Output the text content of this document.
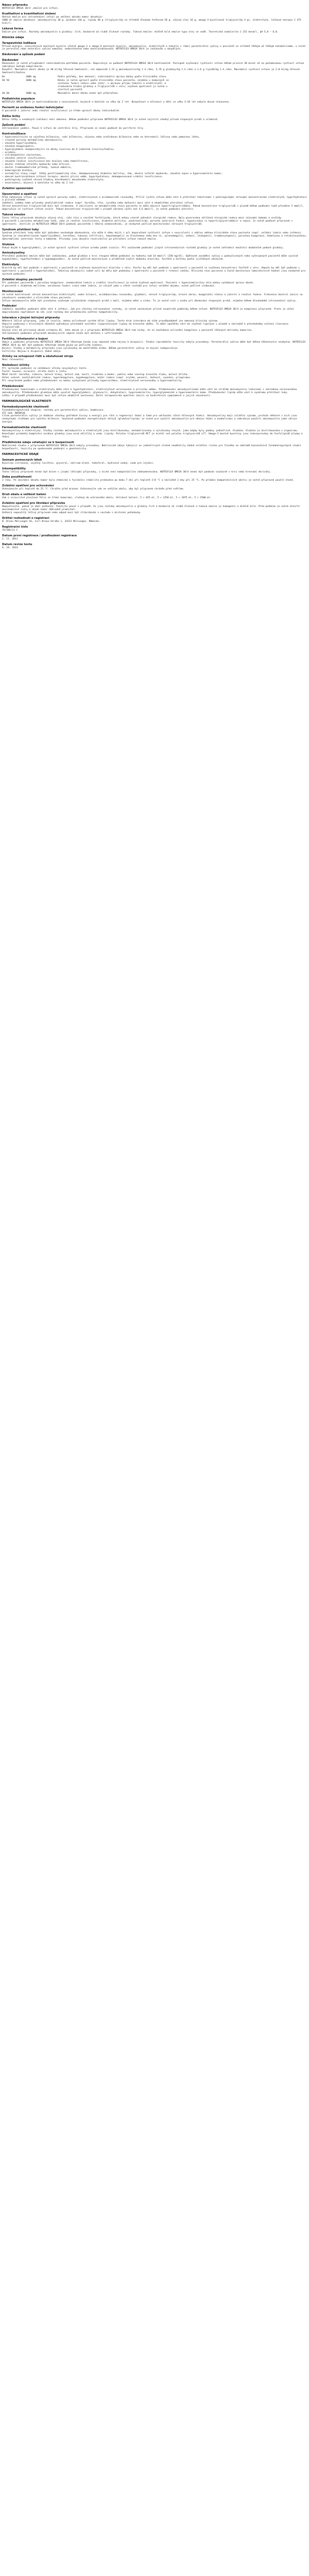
Název přípravku
NUTRIFLEX OMEGA 38/4 ,emulze pro infuzi.
Kvalitativní a kvantitativní složení
Hotová emulze pro intravenózní infuzi po smíšení obsahu komor obsahuje:
1000 ml emulze obsahuje: aminokyseliny 38 g, glukózu 144 g, lipidy 40 g (triglyceridy se středně dlouhým řetězcem 20 g, sójový olej 16 g, omega-3-kyselinové triglyceridy 4 g), elektrolyty. Celková energie 1 475 kcal/l.
Léková forma
Emulze pro infuzi. Roztoky aminokyselin a glukózy: čiré, bezbarvé až slabě žlutavé roztoky. Tuková emulze: mléčně bílá emulze typu olej ve vodě. Teoretická osmolarita 1 215 mosm/l, pH 5,0 – 6,0.
Klinické údaje
Terapeutické indikace
Přívod energie, esenciálních mastných kyselin včetně omega-3 a omega-6 mastných kyselin, aminokyselin, elektrolytů a tekutin v rámci parenterální výživy u pacientů se středně těžkým až těžkým katabolismem, u nichž je perorální nebo enterální výživa nemožná, nedostatečná nebo kontraindikovaná. NUTRIFLEX OMEGA 38/4 je indikován u dospělých.
Dávkování a způsob podání
Dávkování
Dávkování je nutné přizpůsobit individuálním potřebám pacienta. Doporučuje se podávat NUTRIFLEX OMEGA 38/4 kontinuálně. Postupné zvyšování rychlosti infuze během prvních 30 minut až na požadovanou rychlost infuze zabraňuje možným komplikacím.
Dospělí: Maximální denní dávka je 40 ml/kg tělesné hmotnosti, což odpovídá 1,52 g aminokyselin/kg t.h./den, 5,76 g glukózy/kg t.h./den a 1,6 g lipidů/kg t.h./den. Maximální rychlost infuze je 2,0 ml/kg tělesné hmotnosti/hodinu.
Do	1000 mg	Podle potřeby, bez omezení; individuální úprava dávky podle klinického stavu.
Od 50	1000 mg	Dávku je nutno upravit podle klinického stavu pacienta, zejména u nemocných se sníženou funkcí ledvin nebo jater, s úpravou příjmu tekutin a elektrolytů, a sledováním hladin glukózy a triglyceridů v séru; zvýšená opatrnost je nutná u starších pacientů.
Od 60	1000 mg	Maximální denní dávka nesmí být překročena.
Pediatrická populace
NUTRIFLEX OMEGA 38/4 je kontraindikován u novorozenců, kojenců a batolat ve věku do 2 let. Bezpečnost a účinnost u dětí ve věku 2–18 let nebyla dosud stanovena.
Pacienti se sníženou funkcí ledvin/jater
U pacientů s jaterní nebo renální insuficiencí je třeba upravit dávky individuálně.
Délka léčby
Délka léčby u uvedených indikací není omezena. Během podávání přípravku NUTRIFLEX OMEGA 38/4 je nutné zajistit vhodný přívod stopových prvků a vitaminů.
Způsob podání
Intravenózní podání. Pouze k infuzi do centrální žíly. Přípravek se nesmí podávat do periferní žíly.
Kontraindikace
– hypersenzitivita na vaječnou bílkovinu, rybí bílkovinu, sójovou nebo arašídovou bílkovinu nebo na kteroukoli léčivou nebo pomocnou látku,
– vrozené poruchy metabolismu aminokyselin,
– závažná hyperlipidémie,
– závažná koagulopatie,
– hyperglykémie neodpovídající na dávky inzulinu do 6 jednotek inzulinu/hodinu,
– acidóza,
– intrahepatální cholestáza,
– závažná jaterní insuficience,
– závažná renální insuficience bez dialýzy nebo hemofiltrace,
– akutní stádium infarktu myokardu nebo mrtvice,
– akutní tromboembolické příhody, tuková embolie,
– hemoragická diatéza,
– nestabilní stavy (např. těžký posttraumatický stav, dekompenzovaný diabetes mellitus, šok, akutní infarkt myokardu, závažná sepse a hyperosmolární koma),
– obecné kontraindikace infuzní terapie: akutní plicní edém, hyperhydratace, dekompenzovaná srdeční insuficience,
– patologicky zvýšené sérové hladiny kteréhokoli obsaženého elektrolytu,
– novorozenci, kojenci a batolata ve věku do 2 let.
Zvláštní upozornění
Upozornění a opatření
Před zahájením infuze je nutné upravit poruchy vodní, elektrolytové a acidobazické rovnováhy. Příliš rychlá infuze může vést k přetížení tekutinami s patologickými sérovými koncentracemi elektrolytů, hyperhydratací a plicním edémem.
Jakékoli známky nebo příznaky anafylaktické reakce (např. horečka, třes, vyrážka nebo dušnost) musí vést k okamžitému přerušení infuze.
Sérová koncentrace triglyceridů musí být sledována. V závislosti na metabolickém stavu pacienta se může objevit hypertriglyceridémie. Pokud koncentrace triglyceridů v plazmě během podávání tuků přesáhne 3 mmol/l, doporučuje se rychlost infuze snížit. Pokud koncentrace triglyceridů v plazmě zůstane vyšší než 4,6 mmol/l, je nutné podávání přerušit.
Tuková emulze
Tento léčivý přípravek obsahuje sójový olej, rybí olej a vaječné fosfolipidy, které mohou vzácně způsobit alergické reakce. Byla pozorována zkřížená alergická reakce mezi sójovými bobami a arašídy.
U pacientů s poruchou metabolismu tuků, jako je renální insuficience, diabetes mellitus, pankreatitida, porucha jaterních funkcí, hypotyreóza (s hypertriglyceridémií) a sepse, je nutné podávat přípravek s opatrností. Jestliže je NUTRIFLEX OMEGA 38/4 podáván pacientům s těmito onemocněními, je nezbytné pečlivé monitorování sérových triglyceridů.
Syndrom přetížení tuky
Syndrom přetížení tuky může být způsoben nevhodným dávkováním, ale může k němu dojít i při doporučené rychlosti infuze v souvislosti s náhlou změnou klinického stavu pacienta (např. selhání ledvin nebo infekce). Syndrom je charakterizován hyperlipidémií, horečkou, tukovou infiltrací, hepatomegalií se žloutenkou nebo bez ní, splenomegalií, anémií, leukopenií, trombocytopenií, poruchou koagulace, hemolýzou a retikulocytózou, abnormálními jaterními testy a kómatem. Příznaky jsou obvykle reverzibilní po přerušení infuze tukové emulze.
Glukóza
Pokud dojde k hyperglykémii, je nutné upravit rychlost infuze a/nebo podat inzulin. Při současném podávání jiných intravenózních roztoků glukózy je nutné zohlednit množství dodatečně podané glukózy.
Aminokyseliny
Přerušení podávání emulze může být indikováno, pokud glukóza v krvi stoupne během podávání na hodnoty nad 14 mmol/l (250 mg/dl). Opětovné zavádění výživy u podvyživených nebo vyčerpaných pacientů může vyvolat hypokalémii, hypofosfatémii a hypomagnezémii. Je nutné pečlivě monitorovat a přiměřeně zvýšit dodávku draslíku, fosfátů a hořčíku podle zjištěných odchylek.
Elektrolyty
Draslík by měl být podáván s opatrností u pacientů se zvýšenou koncentrací draslíku v séru. Fosfor by měl být podáván s opatrností u pacientů se zvýšenou koncentrací fosfátů v séru. Vápník by měl být podáván s opatrností u pacientů s hyperkalcémií. Tekutiny obsahující sodné soli by měly být podávány s opatrností u pacientů s retencí sodíku. Klinický stav pacienta a častá monitorace laboratorních hodnot jsou nezbytné pro správné podávání.
Zvláštní skupiny pacientů
Při podávání pacientům s poruchou koagulace, onemocněním ledvin a srdeční insuficiencí je nutná zvýšená opatrnost. Pacienti s hyperosmolaritou séra mohou vyžadovat úpravu dávek.
U pacientů s diabetem mellitem, narušenou funkcí srdce nebo ledvin, je stejně jako u všech roztoků pro infuzi velkého objemu, nutné pečlivé sledování.
Monitorování
Je nutné kontrolovat sérové koncentrace elektrolytů, vodní bilanci, acidobazickou rovnováhu, glykémii, sérové triglyceridy, krevní obraz, koagulační status a jaterní a renální funkce. Frekvence kontrol závisí na závažnosti onemocnění a klinickém stavu pacienta.
Infuze aminokyselin může být provázena zvýšeným vylučováním stopových prvků v moči, zejména mědi a zinku. To je nutné vzít v úvahu při dávkování stopových prvků, zejména během dlouhodobé intravenózní výživy.
Podávání
Jakékoli zpoždění podávání může vést k infekci. Jak pro všechny intravenózní roztoky, je nutné zachovávat přísné aseptické podmínky během infuze. NUTRIFLEX OMEGA 38/4 je komplexní přípravek. Proto je velmi doporučováno nepřidávat do něj jiné roztoky bez předchozího ověření kompatibility.
Interakce s jinými léčivými přípravky
Některé léčivé přípravky, jako je inzulin, mohou ovlivňovat systém tělní lipázy. Tento druh interakce má však pravděpodobně jen omezený klinický význam.
Heparin podávaný v klinických dávkách způsobuje přechodné uvolnění lipoproteinové lipázy do krevního oběhu. To může zpočátku vést ke zvýšené lipolýze v plazmě a následně k přechodnému snížení clearance triglyceridů.
Sójový olej má přirozený obsah vitaminu K1. Jeho obsah je v přípravku NUTRIFLEX OMEGA 38/4 tak nízký, že se neočekává ovlivnění koagulace u pacientů léčených deriváty kumarinu.
Intravenózní podávání přípravků obsahujících vápník nesmí být smíšeno s ceftriaxonem.
Fertilita, těhotenství a kojení
Údaje o podávání přípravku NUTRIFLEX OMEGA 38/4 těhotným ženám jsou omezené nebo nejsou k dispozici. Studie reprodukční toxicity nebyly provedeny. Parenterální výživa může být během těhotenství nezbytná. NUTRIFLEX OMEGA 38/4 by měl být podáván těhotným ženám pouze po pečlivém zvážení.
Kojení: Složky a metabolity přípravku jsou vylučovány do mateřského mléka. Během parenterální výživy se kojení nedoporučuje.
Fertilita: Nejsou k dispozici žádné údaje.
Účinky na schopnost řídit a obsluhovat stroje
Není relevantní.
Nežádoucí účinky
Při správném podávání se nežádoucí účinky nevyskytují často.
Časté: nauzea, zvracení, ztráta chuti k jídlu.
Méně časté: horečka, zimnice, bolest hlavy, bolest zad, kostí, hrudníku a beder, pokles nebo vzestup krevního tlaku, bolest břicha.
Velmi vzácné: anafylaktické reakce, hyperkoagulace, hypokoagulace, kožní reakce (např. erytém, pocení), dušnost, cyanóza, priapismus.
Při nesprávném podání nebo předávkování se mohou vyskytnout příznaky hypervolémie, elektrolytové nerovnováhy a hyperosmolarity.
Předávkování
Předávkování tekutinami a elektrolyty může vést k hyperhydrataci, elektrolytové nerovnováze a plicnímu edému. Předávkování aminokyselinami může vést ke ztrátám aminokyselin ledvinami s následnou nerovnováhou aminokyselin. Předávkování glukózou může vyvolat hyperglykémii, glykosurii, dehydrataci, hyperosmolaritu, hyperglykemické a hyperosmolární koma. Předávkování lipidy může vést k syndromu přetížení tuky.
Léčba: V případě předávkování musí být infuze okamžitě zastavena. Další terapeutická opatření závisí na konkrétních symptomech a jejich závažnosti.
FARMAKOLOGICKÉ VLASTNOSTI
Farmakodynamické vlastnosti
Farmakoterapeutická skupina: roztoky pro parenterální výživu, kombinace.
ATC kód: B05BA10.
Cílem parenterální výživy je dodávat všechny potřebné živiny a energii pro růst a regeneraci tkání a také pro udržování všech tělesných funkcí. Aminokyseliny mají zvláštní význam, protože některé z nich jsou nezbytnými složkami pro syntézu bílkovin. Současné podávání energetických zdrojů (glukóza/lipidy) je nutné pro využití aminokyselin pro obnovu tkání a anabolismus a zabraňuje použití aminokyselin jako zdroje energie.
Farmakokinetické vlastnosti
Aminokyseliny a elektrolyty: Složky roztoku aminokyselin a elektrolytů jsou distribuovány, metabolizovány a vylučovány stejně, jako kdyby byly podány jednotlivě. Glukóza: Glukóza je distribuována v organismu. Konečnými produkty kompletní oxidace glukózy jsou oxid uhličitý a voda. Lipidy: Poločas triglyceridů MCT je kratší než poločas triglyceridů LCT. Omega-3 mastné kyseliny jsou inkorporovány do fosfolipidů plazmy a tkání.
Předklinické údaje vztahující se k bezpečnosti
Neklinické studie s přípravkem NUTRIFLEX OMEGA 38/4 nebyly provedeny. Neklinické údaje týkající se jednotlivých složek neodhalily žádné zvláštní riziko pro člověka na základě konvenčních farmakologických studií bezpečnosti, toxicity po opakovaném podávání a genotoxicity.
FARMACEUTICKÉ ÚDAJE
Seznam pomocných látek
Kyselina citronová, vaječný lecithin, glycerol, natrium-oleát, tokoferol, hydroxid sodný, voda pro injekci.
Inkompatibility
Tento léčivý přípravek nesmí být mísen s jinými léčivými přípravky, u nichž není kompatibilita zdokumentována. NUTRIFLEX OMEGA 38/4 nesmí být podáván současně s krví nebo krevními deriváty.
Doba použitelnosti
2 roky. Po smíchání obsahu komor byla chemická a fyzikální stabilita prokázána po dobu 7 dní při teplotě 2–8 °C a následně 2 dny při 25 °C. Po přidání kompatibilních aditiv je nutné přípravek použít ihned.
Zvláštní opatření pro uchovávání
Uchovávejte při teplotě do 25 °C. Chraňte před mrazem. Uchovávejte vak ve vnějším obalu, aby byl přípravek chráněn před světlem.
Druh obalu a velikost balení
Vak z vícevrstvé plastové fólie se třemi komorami, vložený do ochranného obalu. Velikost balení: 5 × 625 ml, 5 × 1250 ml, 5 × 1875 ml, 5 × 2500 ml.
Zvláštní opatření pro likvidaci přípravku
Nepoužívejte, pokud je obal poškozen. Použijte pouze v případě, že jsou roztoky aminokyselin a glukózy čiré a bezbarvé až slabě žlutavé a tuková emulze je homogenní a mléčně bílá. Před podáním je nutné otevřít mezikomorové sváry a obsah komor důkladně promíchat.
Veškerý nepoužitý léčivý přípravek nebo odpad musí být zlikvidován v souladu s místními požadavky.
Držitel rozhodnutí o registraci
B. Braun Melsungen AG, Carl-Braun-Straße 1, 34212 Melsungen, Německo.
Registrační číslo
76/586/11-C
Datum první registrace / prodloužení registrace
2. 11. 2011
Datum revize textu
8. 10. 2014
